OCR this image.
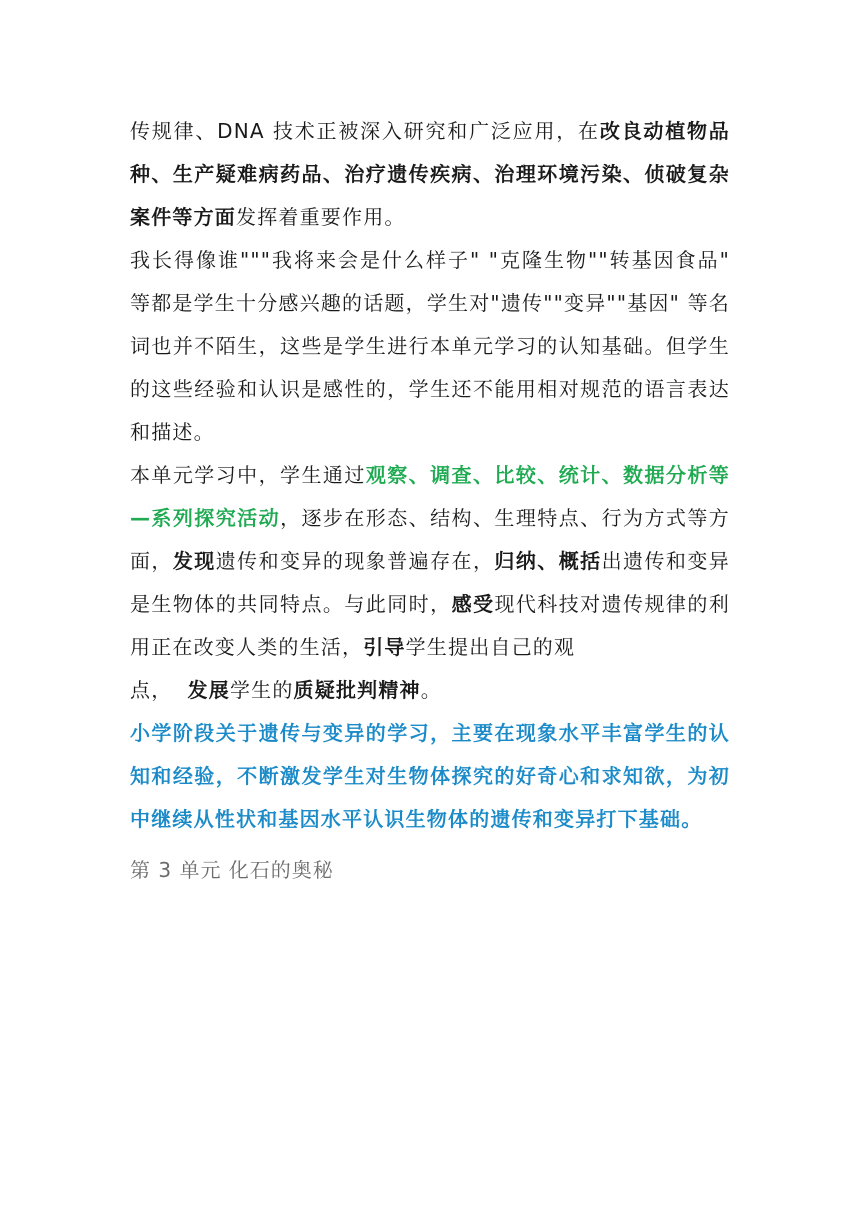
传规律、DNA 技术正被深入研究和广泛应用，在改良动植物品种、生产疑难病药品、治疗遗传疾病、治理环境污染、侦破复杂案件等方面发挥着重要作用。

我长得像谁"""我将来会是什么样子" "克隆生物""转基因食品" 等都是学生十分感兴趣的话题，学生对"遗传""变异""基因" 等名词也并不陌生，这些是学生进行本单元学习的认知基础。但学生的这些经验和认识是感性的，学生还不能用相对规范的语言表达和描述。

本单元学习中，学生通过观察、调查、比较、统计、数据分析等—系列探究活动，逐步在形态、结构、生理特点、行为方式等方面，发现遗传和变异的现象普遍存在，归纳、概括出遗传和变异是生物体的共同特点。与此同时，感受现代科技对遗传规律的利用正在改变人类的生活，引导学生提出自己的观
点， 发展学生的质疑批判精神。

小学阶段关于遗传与变异的学习，主要在现象水平丰富学生的认知和经验，不断激发学生对生物体探究的好奇心和求知欲，为初中继续从性状和基因水平认识生物体的遗传和变异打下基础。

第 3 单元 化石的奥秘
